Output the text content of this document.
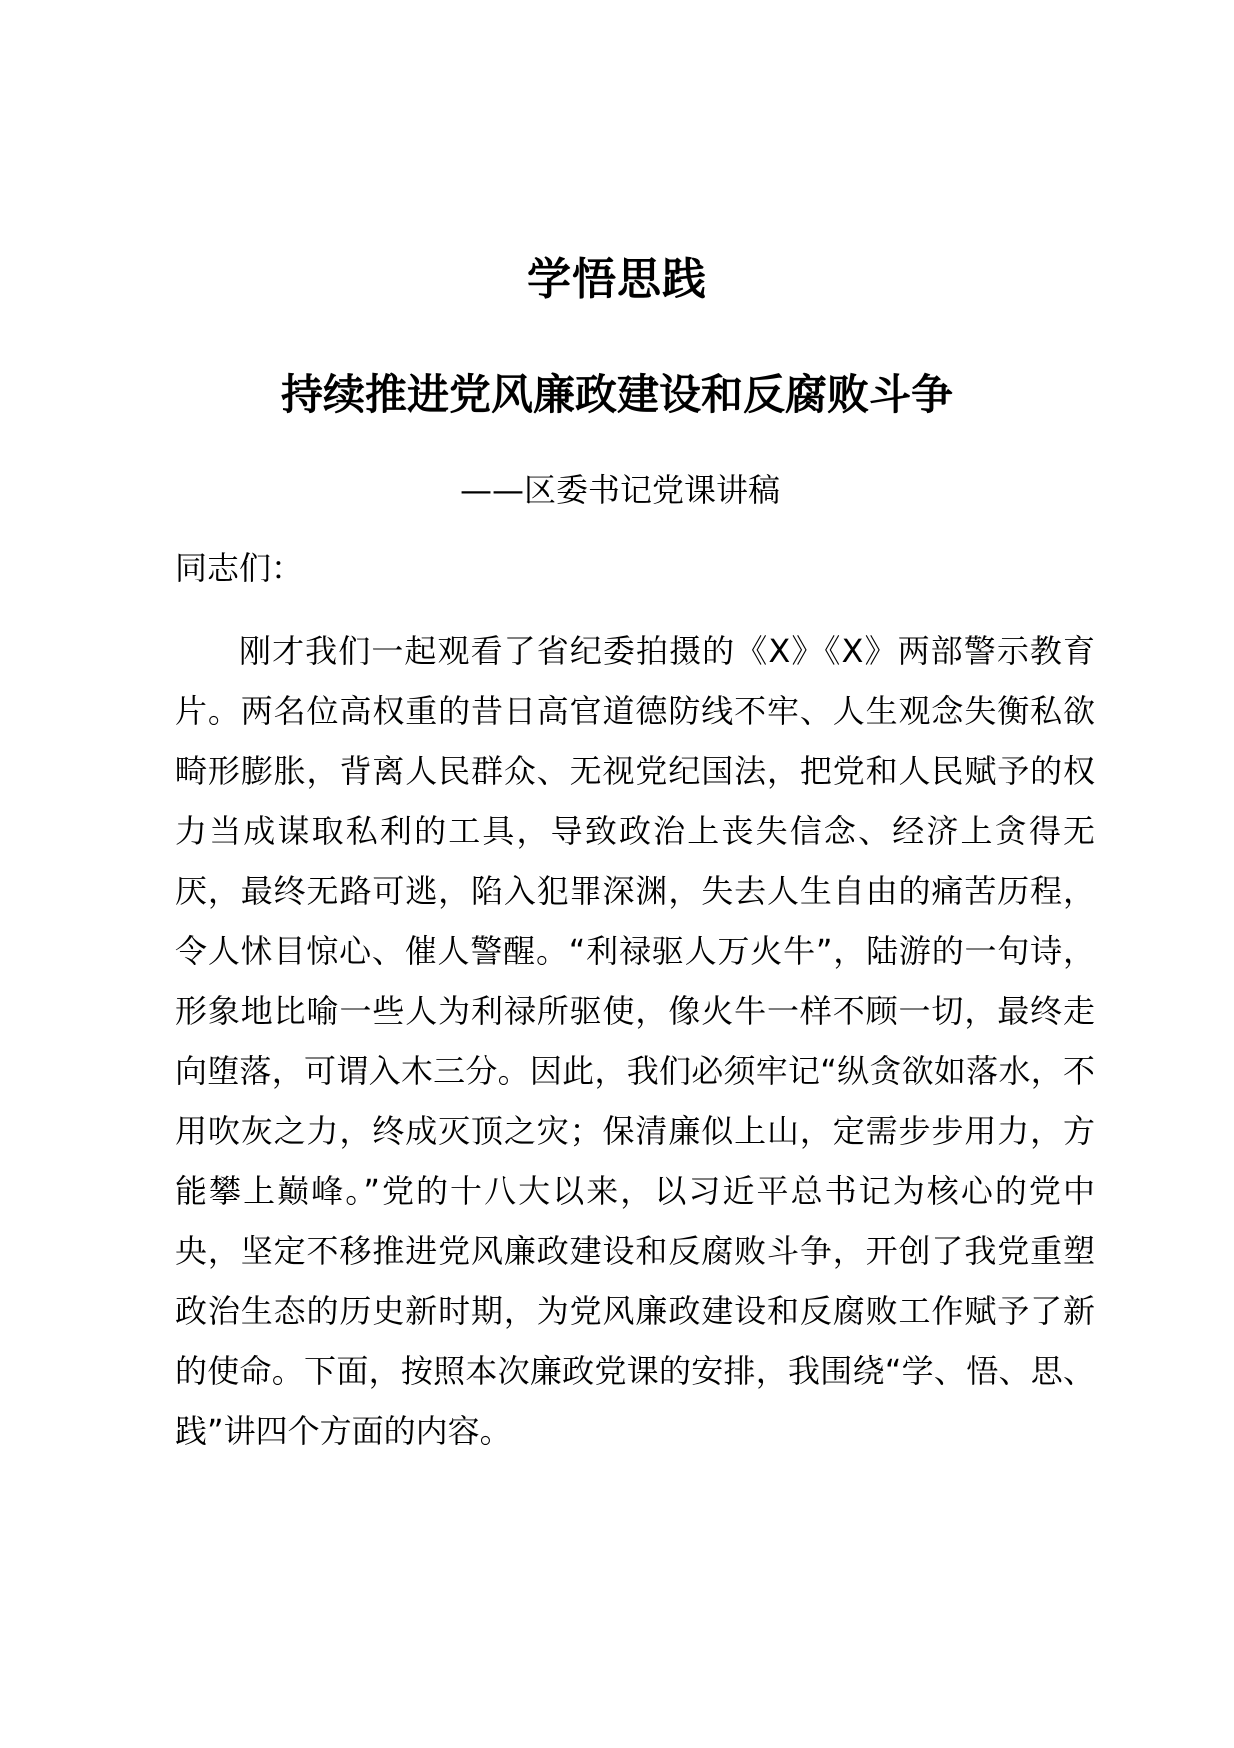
学悟思践
持续推进党风廉政建设和反腐败斗争
——区委书记党课讲稿
同志们：

刚才我们一起观看了省纪委拍摄的《X》《X》两部警示教育片。两名位高权重的昔日高官道德防线不牢、人生观念失衡私欲畸形膨胀，背离人民群众、无视党纪国法，把党和人民赋予的权力当成谋取私利的工具，导致政治上丧失信念、经济上贪得无厌，最终无路可逃，陷入犯罪深渊，失去人生自由的痛苦历程，令人怵目惊心、催人警醒。“利禄驱人万火牛”，陆游的一句诗，形象地比喻一些人为利禄所驱使，像火牛一样不顾一切，最终走向堕落，可谓入木三分。因此，我们必须牢记“纵贪欲如落水，不用吹灰之力，终成灭顶之灾；保清廉似上山，定需步步用力，方能攀上巅峰。”党的十八大以来，以习近平总书记为核心的党中央，坚定不移推进党风廉政建设和反腐败斗争，开创了我党重塑政治生态的历史新时期，为党风廉政建设和反腐败工作赋予了新的使命。下面，按照本次廉政党课的安排，我围绕“学、悟、思、践”讲四个方面的内容。
